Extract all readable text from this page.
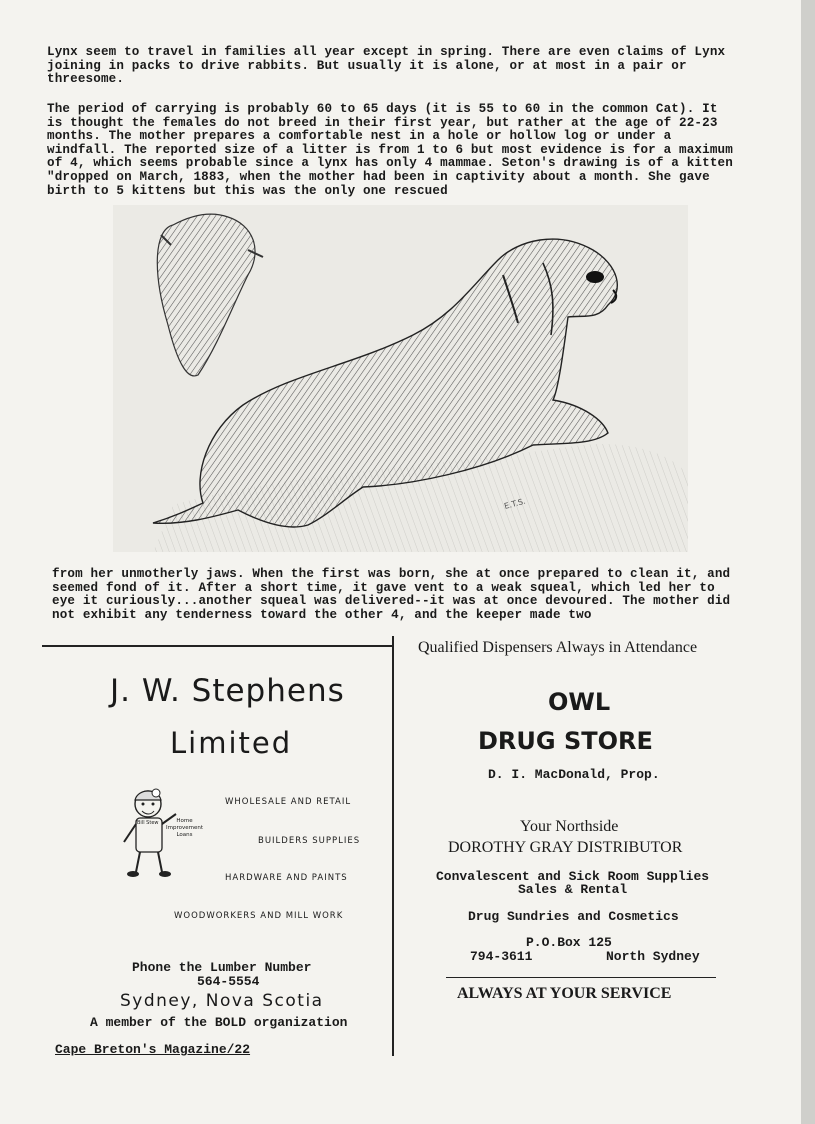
Lynx seem to travel in families all year except in spring. There are even claims of Lynx joining in packs to drive rabbits. But usually it is alone, or at most in a pair or threesome.
The period of carrying is probably 60 to 65 days (it is 55 to 60 in the common Cat). It is thought the females do not breed in their first year, but rather at the age of 22-23 months. The mother prepares a comfortable nest in a hole or hollow log or under a windfall. The reported size of a litter is from 1 to 6 but most evidence is for a maximum of 4, which seems probable since a lynx has only 4 mammae. Seton's drawing is of a kitten "dropped on March, 1883, when the mother had been in captivity about a month. She gave birth to 5 kittens but this was the only one rescued
E.T.S.
from her unmotherly jaws. When the first was born, she at once prepared to clean it, and seemed fond of it. After a short time, it gave vent to a weak squeal, which led her to eye it curiously...another squeal was delivered--it was at once devoured. The mother did not exhibit any tenderness toward the other 4, and the keeper made two
J. W. Stephens
Limited
Bill Stew	Home
Improvement
Loans
WHOLESALE AND RETAIL
BUILDERS SUPPLIES
HARDWARE AND PAINTS
WOODWORKERS AND MILL WORK
Phone the Lumber Number
564-5554
Sydney, Nova Scotia
A member of the BOLD organization
Qualified Dispensers Always in Attendance
OWL
DRUG STORE
D. I. MacDonald, Prop.
Your Northside
DOROTHY GRAY DISTRIBUTOR
Convalescent and Sick Room Supplies
Sales & Rental
Drug Sundries and Cosmetics
P.O.Box 125
794-3611	North Sydney
ALWAYS AT YOUR SERVICE
Cape Breton's Magazine/22
